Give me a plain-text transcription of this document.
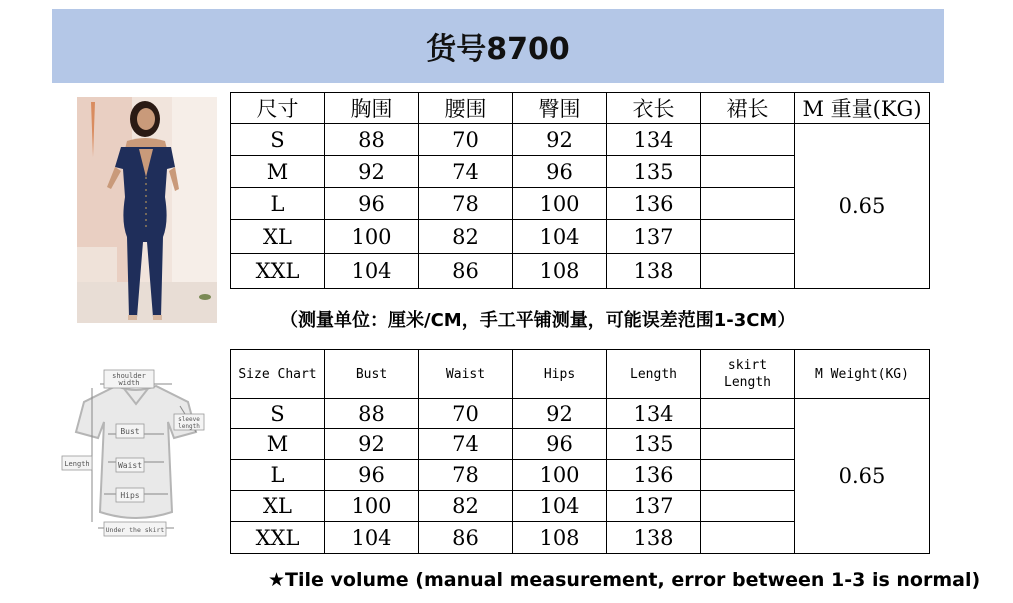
货号8700
shoulder
width
sleeve
length
Bust
Waist
Hips
Length
Under the skirt
尺寸	胸围	腰围	臀围	衣长	裙长	M 重量(KG)
S	88	70	92	134		0.65
M	92	74	96	135		
L	96	78	100	136		
XL	100	82	104	137		
XXL	104	86	108	138		
（测量单位：厘米/CM，手工平铺测量，可能误差范围1-3CM）
Size Chart	Bust	Waist	Hips	Length	skirt Length	M Weight(KG)
S	88	70	92	134		0.65
M	92	74	96	135		
L	96	78	100	136		
XL	100	82	104	137		
XXL	104	86	108	138		
★Tile volume (manual measurement, error between 1-3 is normal)
